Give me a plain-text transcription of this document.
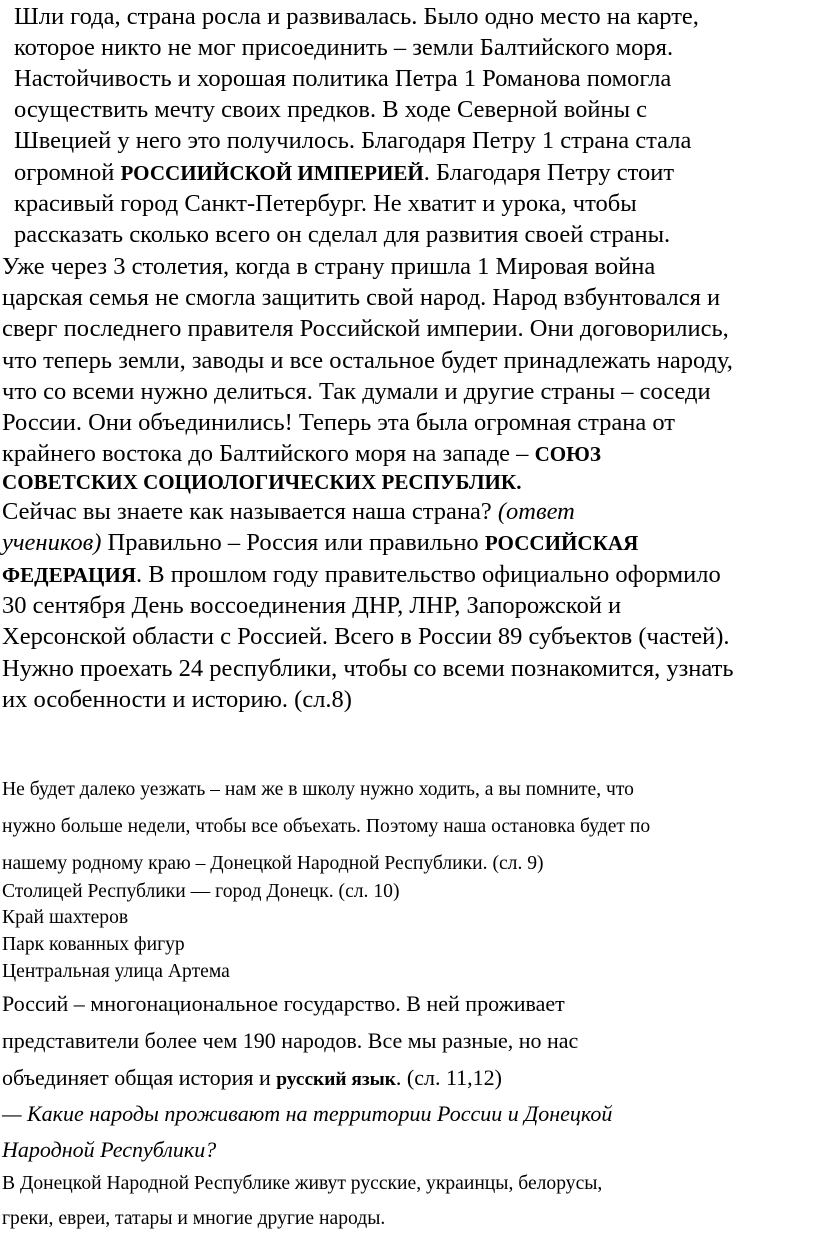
Шли года, страна росла и развивалась. Было одно место на карте,
которое никто не мог присоединить – земли Балтийского моря.
Настойчивость и хорошая политика Петра 1 Романова помогла
осуществить мечту своих предков. В ходе Северной войны с
Швецией у него это получилось. Благодаря Петру 1 страна стала
огромной РОССИИЙСКОЙ ИМПЕРИЕЙ. Благодаря Петру стоит
красивый город Санкт-Петербург. Не хватит и урока, чтобы
рассказать сколько всего он сделал для развития своей страны.
Уже через 3 столетия, когда в страну пришла 1 Мировая война
царская семья не смогла защитить свой народ. Народ взбунтовался и
сверг последнего правителя Российской империи. Они договорились,
что теперь земли, заводы и все остальное будет принадлежать народу,
что со всеми нужно делиться. Так думали и другие страны – соседи
России. Они объединились! Теперь эта была огромная страна от
крайнего востока до Балтийского моря на западе – СОЮЗ
СОВЕТСКИХ СОЦИОЛОГИЧЕСКИХ РЕСПУБЛИК.
Сейчас вы знаете как называется наша страна? (ответ
учеников) Правильно – Россия или правильно РОССИЙСКАЯ
ФЕДЕРАЦИЯ. В прошлом году правительство официально оформило
30 сентября День воссоединения ДНР, ЛНР, Запорожской и
Херсонской области с Россией. Всего в России 89 субъектов (частей).
Нужно проехать 24 республики, чтобы со всеми познакомится, узнать
их особенности и историю. (сл.8)
Не будет далеко уезжать – нам же в школу нужно ходить, а вы помните, что
нужно больше недели, чтобы все объехать. Поэтому наша остановка будет по
нашему родному краю – Донецкой Народной Республики. (сл. 9)
Столицей Республики — город Донецк. (сл. 10)
Край шахтеров
Парк кованных фигур
Центральная улица Артема
Россий – многонациональное государство. В ней проживает
представители более чем 190 народов. Все мы разные, но нас
объединяет общая история и русский язык. (сл. 11,12)
— Какие народы проживают на территории России и Донецкой
Народной Республики?
В Донецкой Народной Республике живут русские, украинцы, белорусы,
греки, евреи, татары и многие другие народы.
